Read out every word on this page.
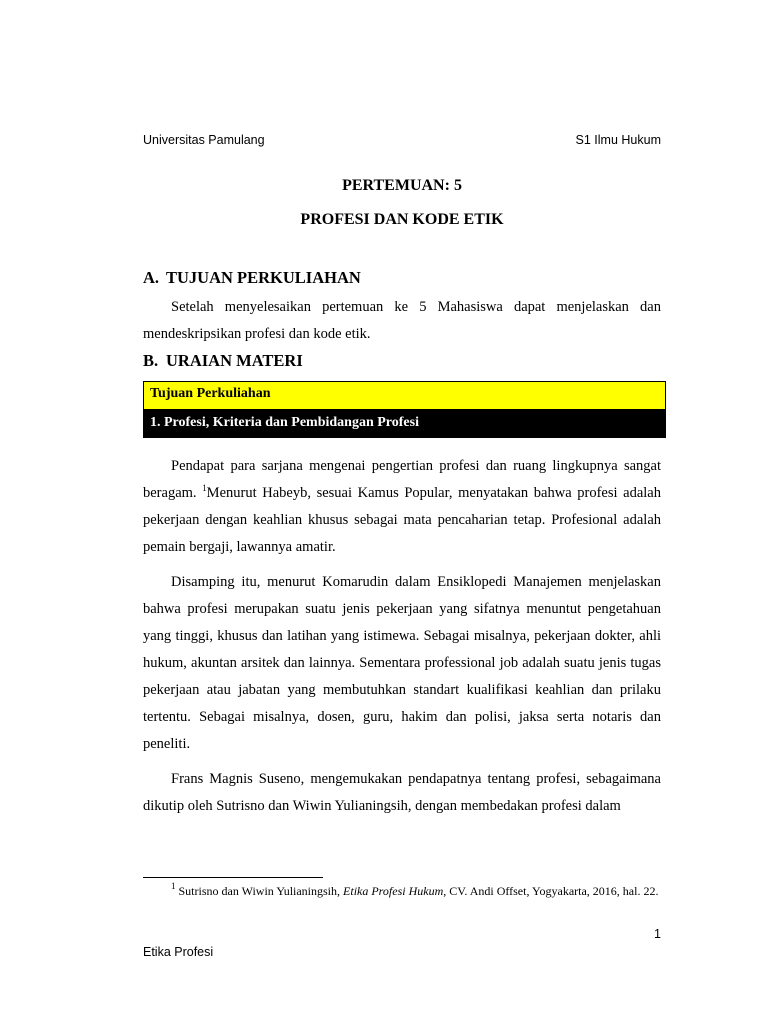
Universitas Pamulang	S1 Ilmu Hukum
PERTEMUAN: 5
PROFESI DAN KODE ETIK
A. TUJUAN PERKULIAHAN

Setelah menyelesaikan pertemuan ke 5 Mahasiswa dapat menjelaskan dan mendeskripsikan profesi dan kode etik.

B. URAIAN MATERI
Tujuan Perkuliahan
1. Profesi, Kriteria dan Pembidangan Profesi

Pendapat para sarjana mengenai pengertian profesi dan ruang lingkupnya sangat beragam. $^1$Menurut Habeyb, sesuai Kamus Popular, menyatakan bahwa profesi adalah pekerjaan dengan keahlian khusus sebagai mata pencaharian tetap. Profesional adalah pemain bergaji, lawannya amatir.

Disamping itu, menurut Komarudin dalam Ensiklopedi Manajemen menjelaskan bahwa profesi merupakan suatu jenis pekerjaan yang sifatnya menuntut pengetahuan yang tinggi, khusus dan latihan yang istimewa. Sebagai misalnya, pekerjaan dokter, ahli hukum, akuntan arsitek dan lainnya. Sementara professional job adalah suatu jenis tugas pekerjaan atau jabatan yang membutuhkan standart kualifikasi keahlian dan prilaku tertentu. Sebagai misalnya, dosen, guru, hakim dan polisi, jaksa serta notaris dan peneliti.

Frans Magnis Suseno, mengemukakan pendapatnya tentang profesi, sebagaimana dikutip oleh Sutrisno dan Wiwin Yulianingsih, dengan membedakan profesi dalam

$^1$ Sutrisno dan Wiwin Yulianingsih, Etika Profesi Hukum, CV. Andi Offset, Yogyakarta, 2016, hal. 22.
1
Etika Profesi
